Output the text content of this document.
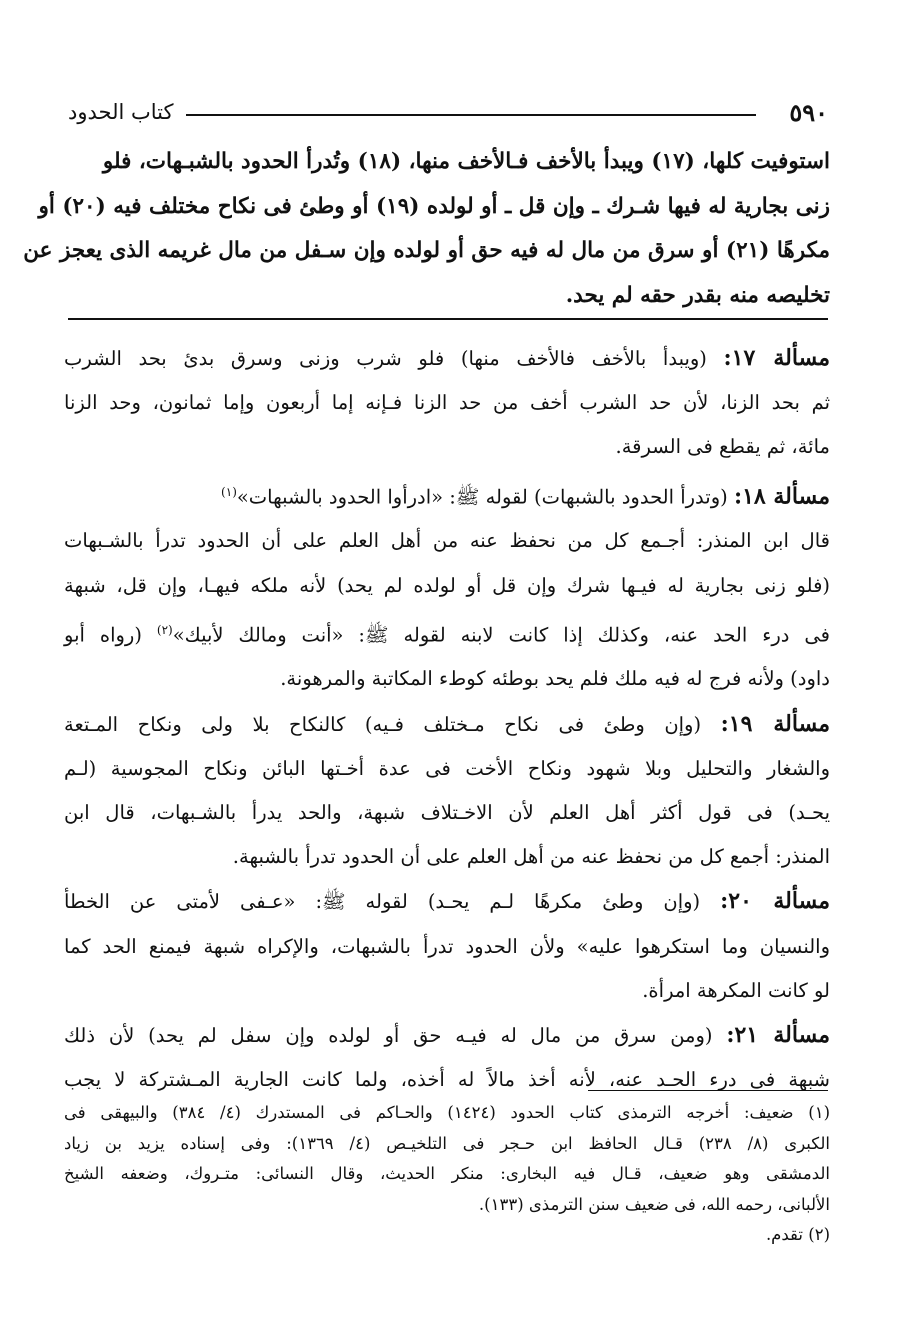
٥٩٠
كتاب الحدود
استوفيت كلها، (١٧) ويبدأ بالأخف فـالأخف منها، (١٨) وتُدرأ الحدود بالشبـهات، فلو
زنى بجارية له فيها شـرك ـ وإن قل ـ أو لولده (١٩) أو وطئ فى نكاح مختلف فيه (٢٠) أو
مكرهًا (٢١) أو سرق من مال له فيه حق أو لولده وإن سـفل من مال غريمه الذى يعجز عن
تخليصه منه بقدر حقه لم يحد.
مسألة ١٧: (ويبدأ بالأخف فالأخف منها) فلو شرب وزنى وسرق بدئ بحد الشرب
ثم بحد الزنا، لأن حد الشرب أخف من حد الزنا فـإنه إما أربعون وإما ثمانون، وحد الزنا
مائة، ثم يقطع فى السرقة.
مسألة ١٨: (وتدرأ الحدود بالشبهات) لقوله ﷺ: «ادرأوا الحدود بالشبهات»$^{(١)}$
قال ابن المنذر: أجـمع كل من نحفظ عنه من أهل العلم على أن الحدود تدرأ بالشـبهات
(فلو زنى بجارية له فيـها شرك وإن قل أو لولده لم يحد) لأنه ملكه فيهـا، وإن قل، شبهة
فى درء الحد عنه، وكذلك إذا كانت لابنه لقوله ﷺ: «أنت ومالك لأبيك»$^{(٢)}$ (رواه أبو
داود) ولأنه فرج له فيه ملك فلم يحد بوطئه كوطء المكاتبة والمرهونة.
مسألة ١٩: (وإن وطئ فى نكاح مـختلف فـيه) كالنكاح بلا ولى ونكاح المـتعة
والشغار والتحليل وبلا شهود ونكاح الأخت فى عدة أخـتها البائن ونكاح المجوسية (لـم
يحـد) فى قول أكثر أهل العلم لأن الاخـتلاف شبهة، والحد يدرأ بالشـبهات، قال ابن
المنذر: أجمع كل من نحفظ عنه من أهل العلم على أن الحدود تدرأ بالشبهة.
مسألة ٢٠: (وإن وطئ مكرهًا لـم يحـد) لقوله ﷺ: «عـفى لأمتى عن الخطأ
والنسيان وما استكرهوا عليه» ولأن الحدود تدرأ بالشبهات، والإكراه شبهة فيمنع الحد كما
لو كانت المكرهة امرأة.
مسألة ٢١: (ومن سرق من مال له فيـه حق أو لولده وإن سفل لم يحد) لأن ذلك
شبهة فى درء الحـد عنه، لأنه أخذ مالاً له أخذه، ولما كانت الجارية المـشتركة لا يجب
(١) ضعيف: أخرجه الترمذى كتاب الحدود (١٤٢٤) والحـاكم فى المستدرك (٤/ ٣٨٤) والبيهقى فى
الكبرى (٨/ ٢٣٨) قـال الحافظ ابن حـجر فى التلخيـص (٤/ ١٣٦٩): وفى إسناده يزيد بن زياد
الدمشقى وهو ضعيف، قـال فيه البخارى: منكر الحديث، وقال النسائى: متـروك، وضعفه الشيخ
الألبانى، رحمه الله، فى ضعيف سنن الترمذى (١٣٣).
(٢) تقدم.
